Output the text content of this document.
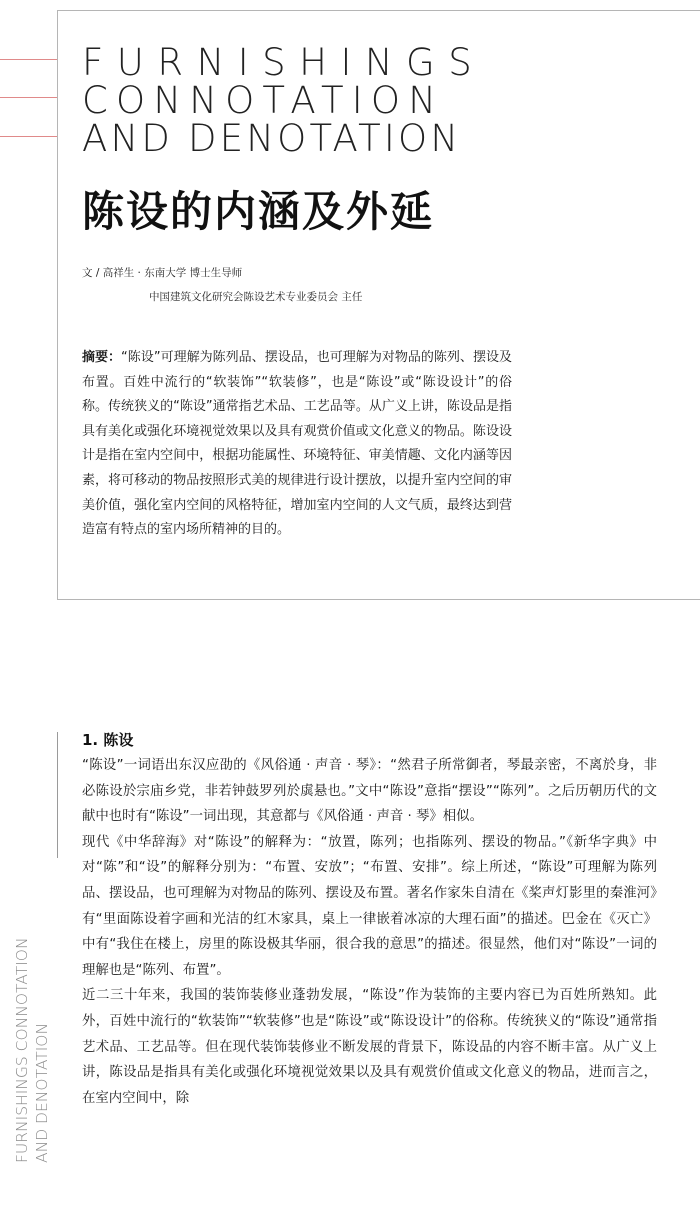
FURNISHINGS
CONNOTATION
AND DENOTATION
陈设的内涵及外延
文 / 高祥生 · 东南大学 博士生导师
中国建筑文化研究会陈设艺术专业委员会 主任

摘要：“陈设”可理解为陈列品、摆设品，也可理解为对物品的陈列、摆设及布置。百姓中流行的“软装饰”“软装修”，也是“陈设”或“陈设设计”的俗称。传统狭义的“陈设”通常指艺术品、工艺品等。从广义上讲，陈设品是指具有美化或强化环境视觉效果以及具有观赏价值或文化意义的物品。陈设设计是指在室内空间中，根据功能属性、环境特征、审美情趣、文化内涵等因素，将可移动的物品按照形式美的规律进行设计摆放，以提升室内空间的审美价值，强化室内空间的风格特征，增加室内空间的人文气质，最终达到营造富有特点的室内场所精神的目的。

1. 陈设

“陈设”一词语出东汉应劭的《风俗通 · 声音 · 琴》：“然君子所常御者，琴最亲密，不离於身，非必陈设於宗庙乡党，非若钟鼓罗列於虡悬也。”文中“陈设”意指“摆设”“陈列”。之后历朝历代的文献中也时有“陈设”一词出现，其意都与《风俗通 · 声音 · 琴》相似。

现代《中华辞海》对“陈设”的解释为：“放置，陈列；也指陈列、摆设的物品。”《新华字典》中对“陈”和“设”的解释分别为：“布置、安放”；“布置、安排”。综上所述，“陈设”可理解为陈列品、摆设品，也可理解为对物品的陈列、摆设及布置。著名作家朱自清在《桨声灯影里的秦淮河》有“里面陈设着字画和光洁的红木家具，桌上一律嵌着冰凉的大理石面”的描述。巴金在《灭亡》中有“我住在楼上，房里的陈设极其华丽，很合我的意思”的描述。很显然，他们对“陈设”一词的理解也是“陈列、布置”。

近二三十年来，我国的装饰装修业蓬勃发展，“陈设”作为装饰的主要内容已为百姓所熟知。此外，百姓中流行的“软装饰”“软装修”也是“陈设”或“陈设设计”的俗称。传统狭义的“陈设”通常指艺术品、工艺品等。但在现代装饰装修业不断发展的背景下，陈设品的内容不断丰富。从广义上讲，陈设品是指具有美化或强化环境视觉效果以及具有观赏价值或文化意义的物品，进而言之，在室内空间中，除

FURNISHINGS CONNOTATION AND DENOTATION
